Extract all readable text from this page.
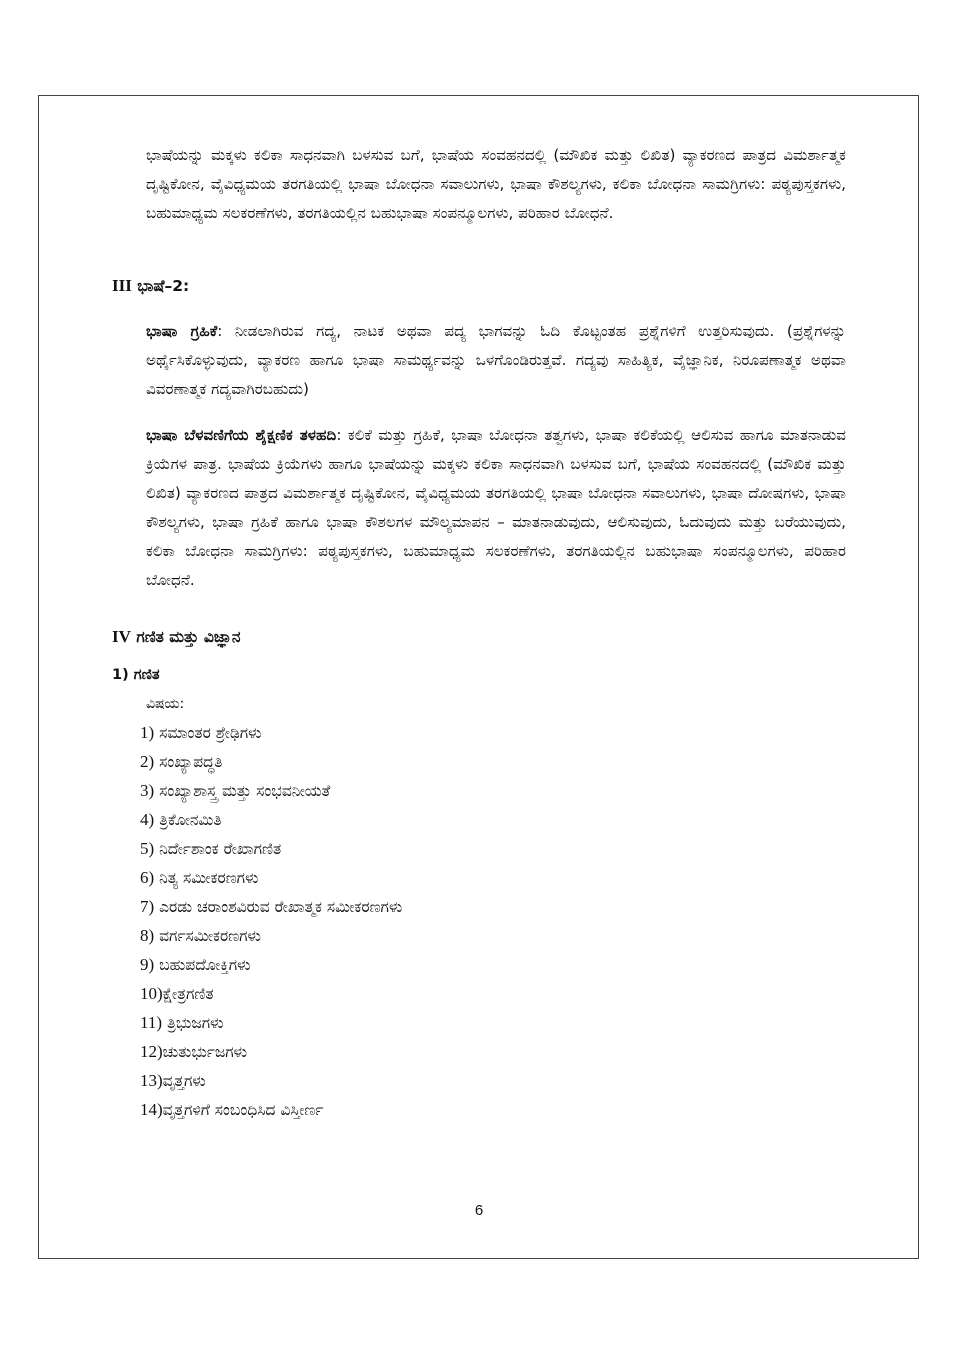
ಭಾಷೆಯನ್ನು ಮಕ್ಕಳು ಕಲಿಕಾ ಸಾಧನವಾಗಿ ಬಳಸುವ ಬಗೆ, ಭಾಷೆಯ ಸಂವಹನದಲ್ಲಿ (ಮೌಖಿಕ ಮತ್ತು ಲಿಖಿತ) ವ್ಯಾಕರಣದ ಪಾತ್ರದ ವಿಮರ್ಶಾತ್ಮಕ ದೃಷ್ಟಿಕೋನ, ವೈವಿಧ್ಯಮಯ ತರಗತಿಯಲ್ಲಿ ಭಾಷಾ ಬೋಧನಾ ಸವಾಲುಗಳು, ಭಾಷಾ ಕೌಶಲ್ಯಗಳು, ಕಲಿಕಾ ಬೋಧನಾ ಸಾಮಗ್ರಿಗಳು: ಪಠ್ಯಪುಸ್ತಕಗಳು, ಬಹುಮಾಧ್ಯಮ ಸಲಕರಣೆಗಳು, ತರಗತಿಯಲ್ಲಿನ ಬಹುಭಾಷಾ ಸಂಪನ್ಮೂಲಗಳು, ಪರಿಹಾರ ಬೋಧನೆ.

III ಭಾಷೆ–2:

ಭಾಷಾ ಗ್ರಹಿಕೆ: ನೀಡಲಾಗಿರುವ ಗದ್ಯ, ನಾಟಕ ಅಥವಾ ಪದ್ಯ ಭಾಗವನ್ನು ಓದಿ ಕೊಟ್ಟಂತಹ ಪ್ರಶ್ನೆಗಳಿಗೆ ಉತ್ತರಿಸುವುದು. (ಪ್ರಶ್ನೆಗಳನ್ನು ಅರ್ಥೈಸಿಕೊಳ್ಳುವುದು, ವ್ಯಾಕರಣ ಹಾಗೂ ಭಾಷಾ ಸಾಮರ್ಥ್ಯವನ್ನು ಒಳಗೊಂಡಿರುತ್ತವೆ. ಗದ್ಯವು ಸಾಹಿತ್ಯಿಕ, ವೈಜ್ಞಾನಿಕ, ನಿರೂಪಣಾತ್ಮಕ ಅಥವಾ ವಿವರಣಾತ್ಮಕ ಗದ್ಯವಾಗಿರಬಹುದು)

ಭಾಷಾ ಬೆಳವಣಿಗೆಯ ಶೈಕ್ಷಣಿಕ ತಳಹದಿ: ಕಲಿಕೆ ಮತ್ತು ಗ್ರಹಿಕೆ, ಭಾಷಾ ಬೋಧನಾ ತತ್ವಗಳು, ಭಾಷಾ ಕಲಿಕೆಯಲ್ಲಿ ಆಲಿಸುವ ಹಾಗೂ ಮಾತನಾಡುವ ಕ್ರಿಯೆಗಳ ಪಾತ್ರ. ಭಾಷೆಯ ಕ್ರಿಯೆಗಳು ಹಾಗೂ ಭಾಷೆಯನ್ನು ಮಕ್ಕಳು ಕಲಿಕಾ ಸಾಧನವಾಗಿ ಬಳಸುವ ಬಗೆ, ಭಾಷೆಯ ಸಂವಹನದಲ್ಲಿ (ಮೌಖಿಕ ಮತ್ತು ಲಿಖಿತ) ವ್ಯಾಕರಣದ ಪಾತ್ರದ ವಿಮರ್ಶಾತ್ಮಕ ದೃಷ್ಟಿಕೋನ, ವೈವಿಧ್ಯಮಯ ತರಗತಿಯಲ್ಲಿ ಭಾಷಾ ಬೋಧನಾ ಸವಾಲುಗಳು, ಭಾಷಾ ದೋಷಗಳು, ಭಾಷಾ ಕೌಶಲ್ಯಗಳು, ಭಾಷಾ ಗ್ರಹಿಕೆ ಹಾಗೂ ಭಾಷಾ ಕೌಶಲಗಳ ಮೌಲ್ಯಮಾಪನ – ಮಾತನಾಡುವುದು, ಆಲಿಸುವುದು, ಓದುವುದು ಮತ್ತು ಬರೆಯುವುದು, ಕಲಿಕಾ ಬೋಧನಾ ಸಾಮಗ್ರಿಗಳು: ಪಠ್ಯಪುಸ್ತಕಗಳು, ಬಹುಮಾಧ್ಯಮ ಸಲಕರಣೆಗಳು, ತರಗತಿಯಲ್ಲಿನ ಬಹುಭಾಷಾ ಸಂಪನ್ಮೂಲಗಳು, ಪರಿಹಾರ ಬೋಧನೆ.

IV ಗಣಿತ ಮತ್ತು ವಿಜ್ಞಾನ

1) ಗಣಿತ

ವಿಷಯ:

1) ಸಮಾಂತರ ಶ್ರೇಢಿಗಳು
2) ಸಂಖ್ಯಾಪದ್ಧತಿ
3) ಸಂಖ್ಯಾಶಾಸ್ತ್ರ ಮತ್ತು ಸಂಭವನೀಯತೆ
4) ತ್ರಿಕೋನಮಿತಿ
5) ನಿರ್ದೇಶಾಂಕ ರೇಖಾಗಣಿತ
6) ನಿತ್ಯ ಸಮೀಕರಣಗಳು
7) ಎರಡು ಚರಾಂಶವಿರುವ ರೇಖಾತ್ಮಕ ಸಮೀಕರಣಗಳು
8) ವರ್ಗಸಮೀಕರಣಗಳು
9) ಬಹುಪದೋಕ್ತಿಗಳು
10)ಕ್ಷೇತ್ರಗಣಿತ
11) ತ್ರಿಭುಜಗಳು
12)ಚುತುರ್ಭುಜಗಳು
13)ವೃತ್ತಗಳು
14)ವೃತ್ತಗಳಿಗೆ ಸಂಬಂಧಿಸಿದ ವಿಸ್ತೀರ್ಣ
6
